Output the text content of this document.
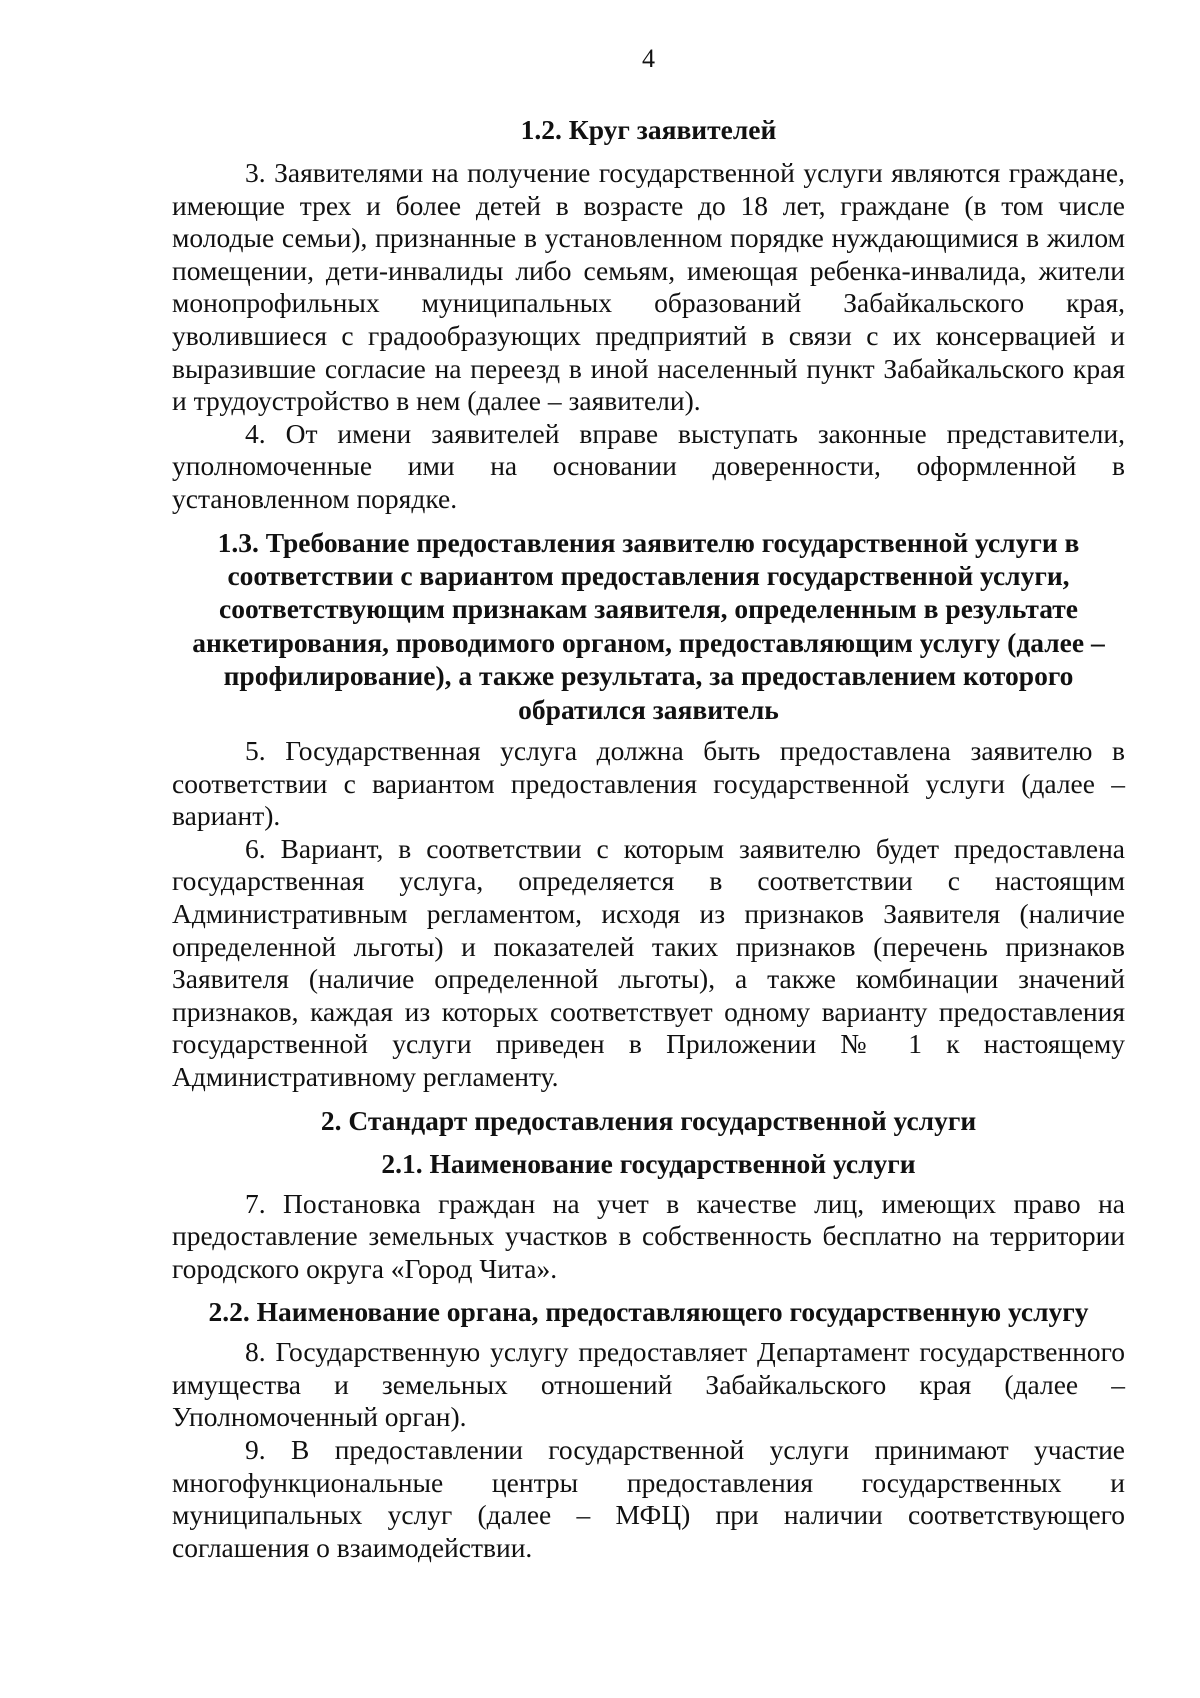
4
1.2. Круг заявителей

3. Заявителями на получение государственной услуги являются граждане, имеющие трех и более детей в возрасте до 18 лет, граждане (в том числе молодые семьи), признанные в установленном порядке нуждающимися в жилом помещении, дети-инвалиды либо семьям, имеющая ребенка-инвалида, жители монопрофильных муниципальных образований Забайкальского края, уволившиеся с градообразующих предприятий в связи с их консервацией и выразившие согласие на переезд в иной населенный пункт Забайкальского края и трудоустройство в нем (далее – заявители).

4. От имени заявителей вправе выступать законные представители, уполномоченные ими на основании доверенности, оформленной в установленном порядке.

1.3. Требование предоставления заявителю государственной услуги в соответствии с вариантом предоставления государственной услуги, соответствующим признакам заявителя, определенным в результате анкетирования, проводимого органом, предоставляющим услугу (далее – профилирование), а также результата, за предоставлением которого обратился заявитель

5. Государственная услуга должна быть предоставлена заявителю в соответствии с вариантом предоставления государственной услуги (далее – вариант).

6. Вариант, в соответствии с которым заявителю будет предоставлена государственная услуга, определяется в соответствии с настоящим Административным регламентом, исходя из признаков Заявителя (наличие определенной льготы) и показателей таких признаков (перечень признаков Заявителя (наличие определенной льготы), а также комбинации значений признаков, каждая из которых соответствует одному варианту предоставления государственной услуги приведен в Приложении № 1 к настоящему Административному регламенту.

2. Стандарт предоставления государственной услуги
2.1. Наименование государственной услуги

7. Постановка граждан на учет в качестве лиц, имеющих право на предоставление земельных участков в собственность бесплатно на территории городского округа «Город Чита».

2.2. Наименование органа, предоставляющего государственную услугу

8. Государственную услугу предоставляет Департамент государственного имущества и земельных отношений Забайкальского края (далее – Уполномоченный орган).

9. В предоставлении государственной услуги принимают участие многофункциональные центры предоставления государственных и муниципальных услуг (далее – МФЦ) при наличии соответствующего соглашения о взаимодействии.
